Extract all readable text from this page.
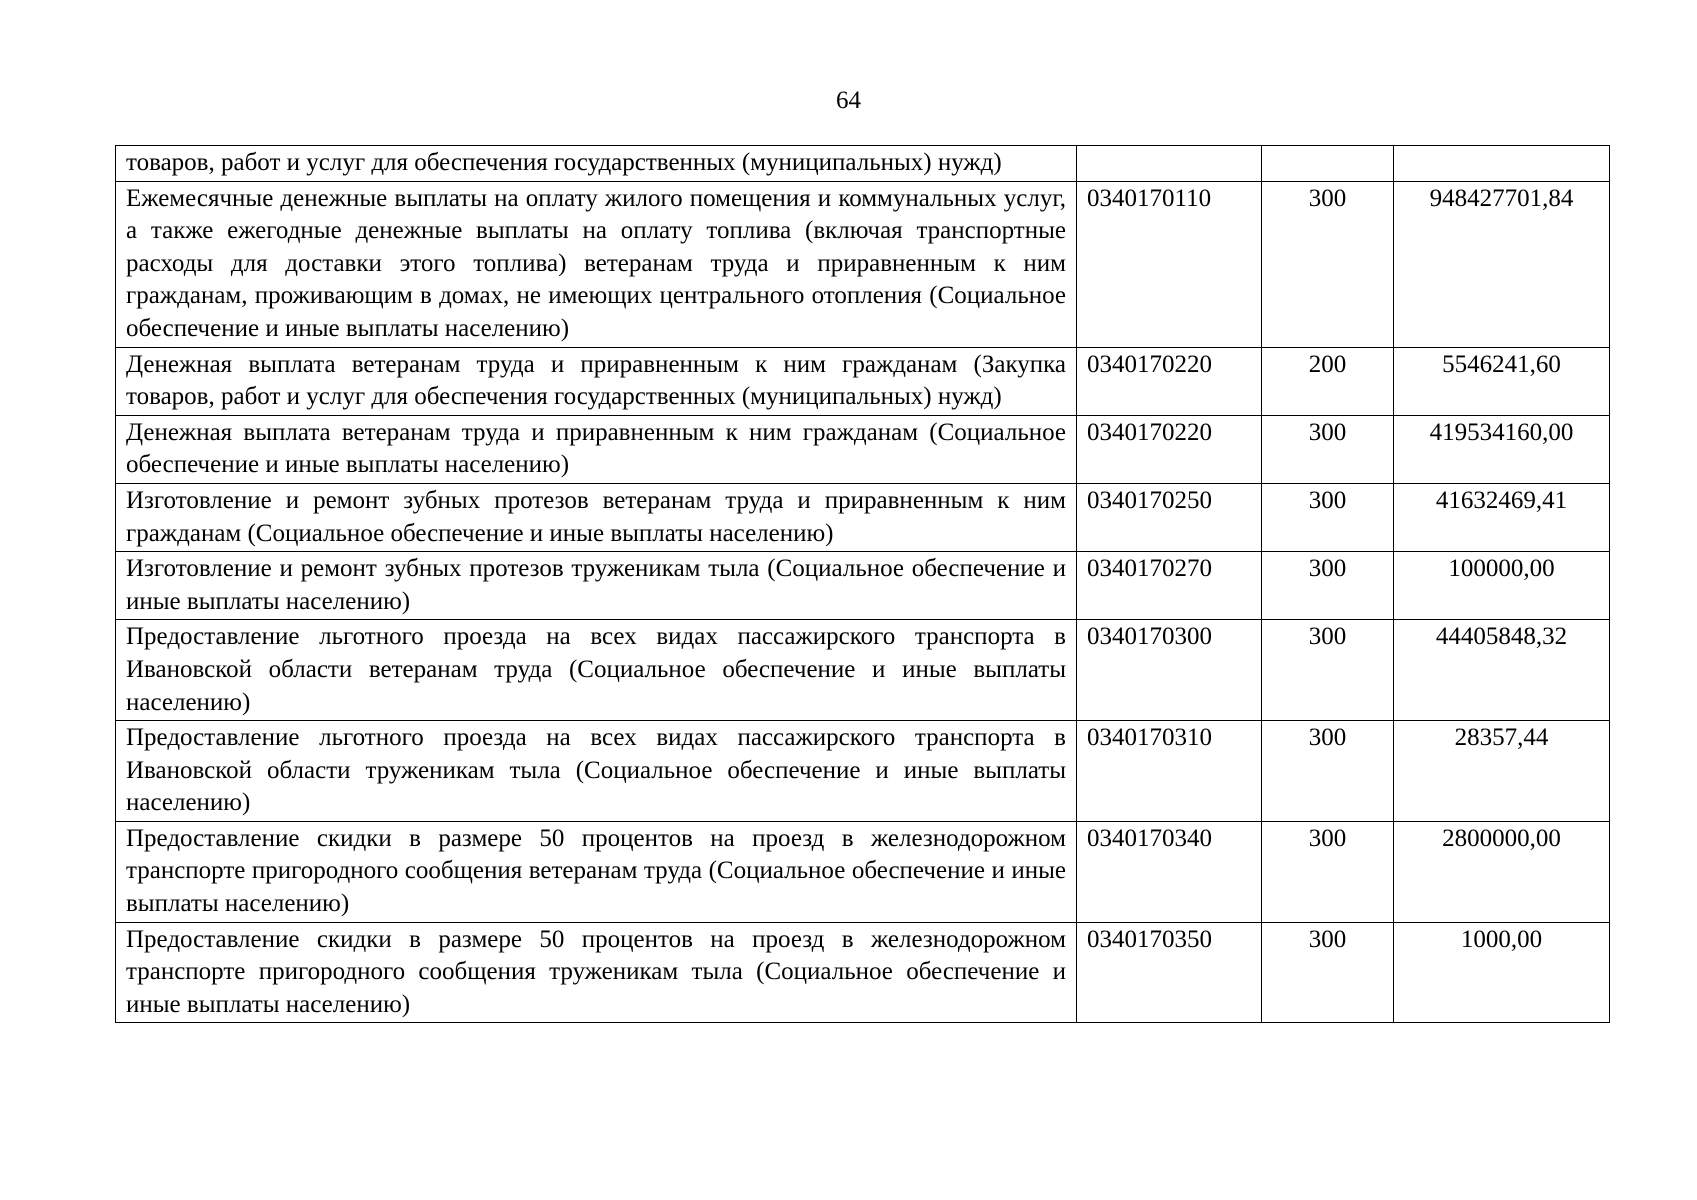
64
товаров, работ и услуг для обеспечения государственных (муниципальных) нужд)			
Ежемесячные денежные выплаты на оплату жилого помещения и коммунальных услуг, а также ежегодные денежные выплаты на оплату топлива (включая транспортные расходы для доставки этого топлива) ветеранам труда и приравненным к ним гражданам, проживающим в домах, не имеющих центрального отопления (Социальное обеспечение и иные выплаты населению)	0340170110	300	948427701,84
Денежная выплата ветеранам труда и приравненным к ним гражданам (Закупка товаров, работ и услуг для обеспечения государственных (муниципальных) нужд)	0340170220	200	5546241,60
Денежная выплата ветеранам труда и приравненным к ним гражданам (Социальное обеспечение и иные выплаты населению)	0340170220	300	419534160,00
Изготовление и ремонт зубных протезов ветеранам труда и приравненным к ним гражданам (Социальное обеспечение и иные выплаты населению)	0340170250	300	41632469,41
Изготовление и ремонт зубных протезов труженикам тыла (Социальное обеспечение и иные выплаты населению)	0340170270	300	100000,00
Предоставление льготного проезда на всех видах пассажирского транспорта в Ивановской области ветеранам труда (Социальное обеспечение и иные выплаты населению)	0340170300	300	44405848,32
Предоставление льготного проезда на всех видах пассажирского транспорта в Ивановской области труженикам тыла (Социальное обеспечение и иные выплаты населению)	0340170310	300	28357,44
Предоставление скидки в размере 50 процентов на проезд в железнодорожном транспорте пригородного сообщения ветеранам труда (Социальное обеспечение и иные выплаты населению)	0340170340	300	2800000,00
Предоставление скидки в размере 50 процентов на проезд в железнодорожном транспорте пригородного сообщения труженикам тыла (Социальное обеспечение и иные выплаты населению)	0340170350	300	1000,00
